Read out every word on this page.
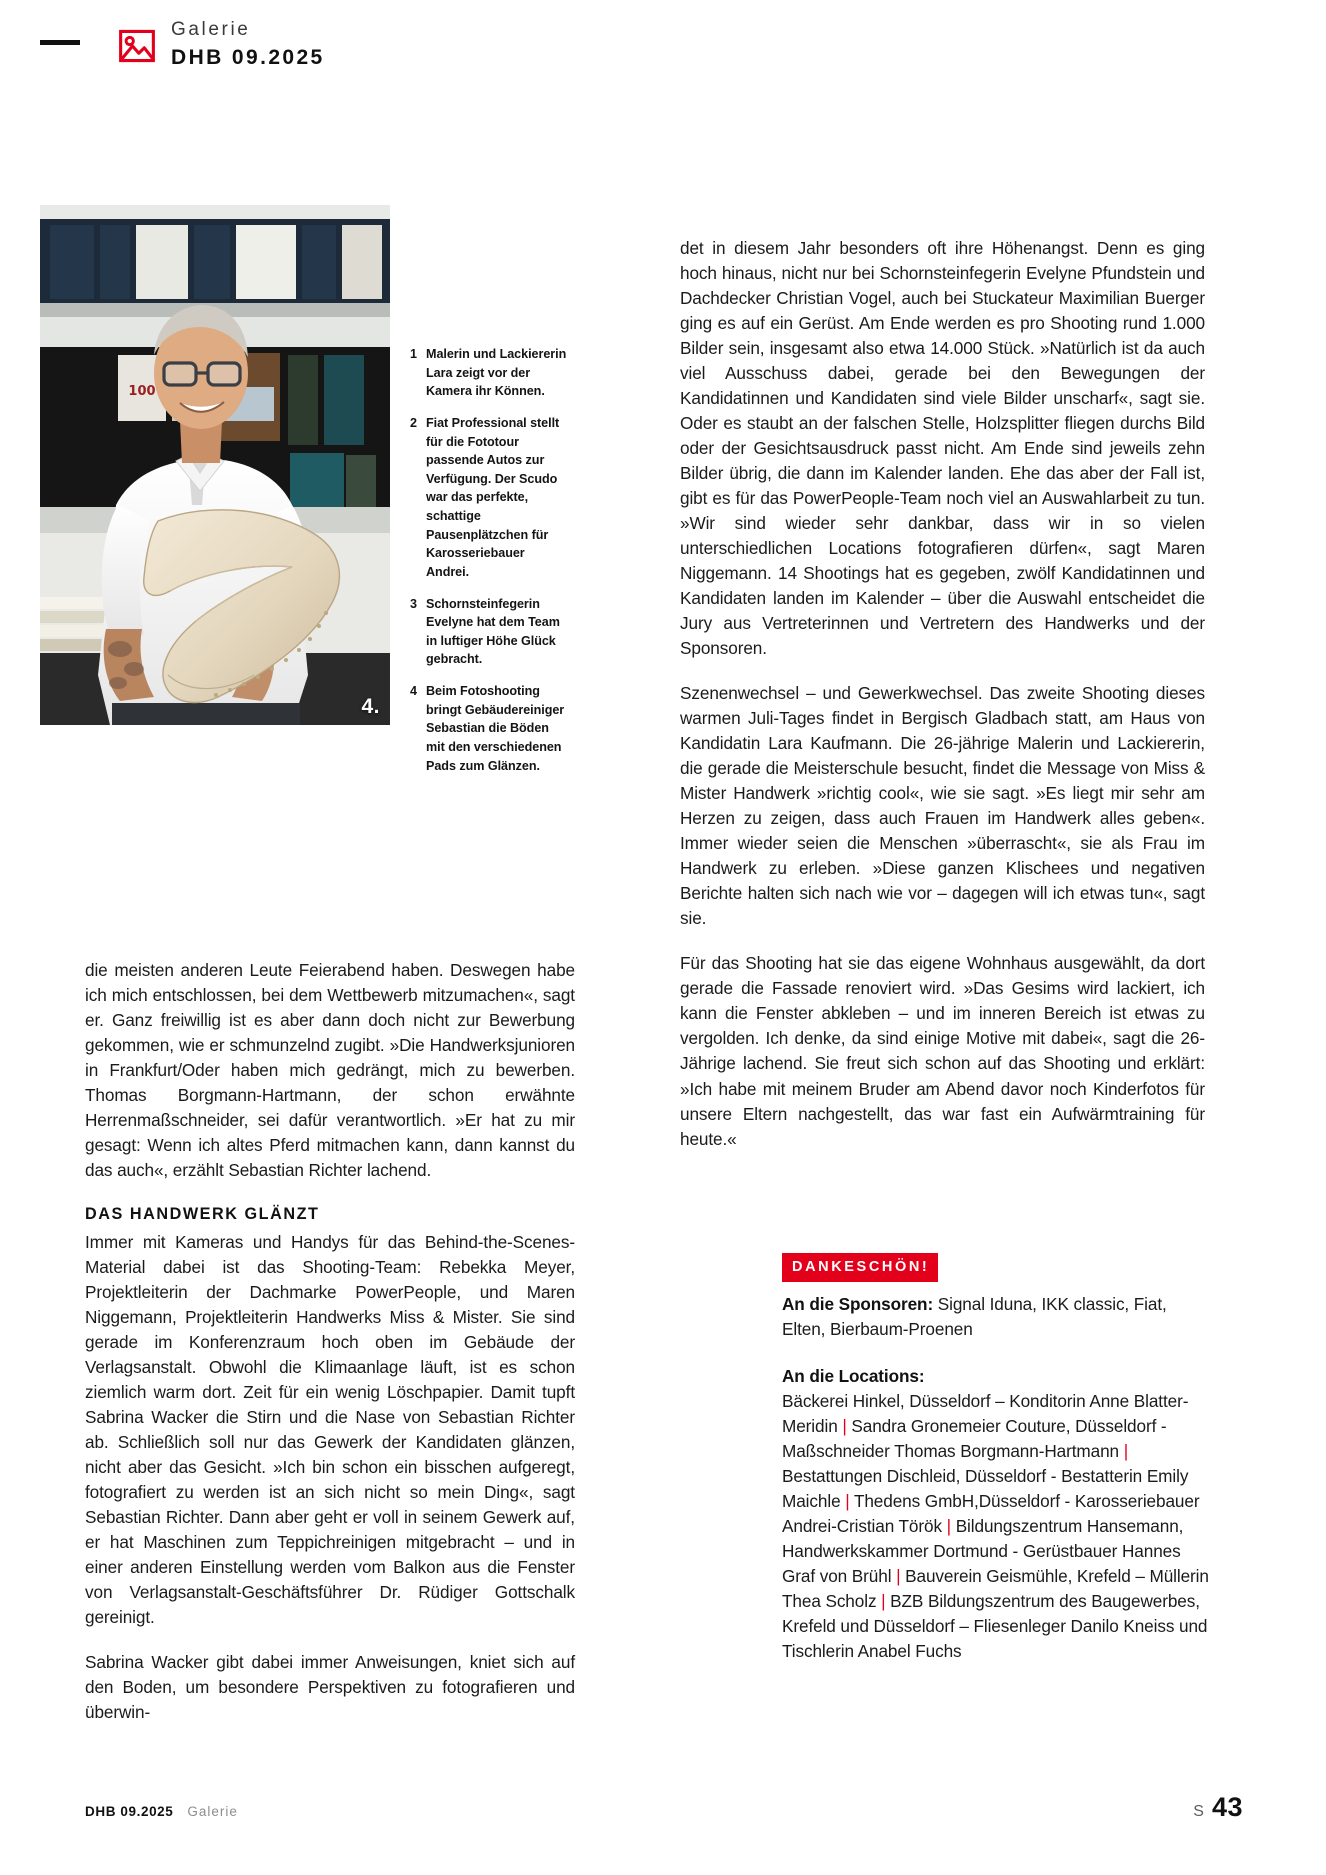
Galerie
DHB 09.2025
100
4.
1 Malerin und Lackiererin Lara zeigt vor der Kamera ihr Können.
2 Fiat Professional stellt für die Fototour passende Autos zur Verfügung. Der Scudo war das perfekte, schattige Pausenplätzchen für Karosseriebauer Andrei.
3 Schornsteinfegerin Evelyne hat dem Team in luftiger Höhe Glück gebracht.
4 Beim Fotoshooting bringt Gebäudereiniger Sebastian die Böden mit den verschiedenen Pads zum Glänzen.

det in diesem Jahr besonders oft ihre Höhenangst. Denn es ging hoch hinaus, nicht nur bei Schornsteinfegerin Evelyne Pfundstein und Dachdecker Christian Vogel, auch bei Stuckateur Maximilian Buerger ging es auf ein Gerüst. Am Ende werden es pro Shooting rund 1.000 Bilder sein, insgesamt also etwa 14.000 Stück. »Natürlich ist da auch viel Ausschuss dabei, gerade bei den Bewegungen der Kandidatinnen und Kandidaten sind viele Bilder unscharf«, sagt sie. Oder es staubt an der falschen Stelle, Holzsplitter fliegen durchs Bild oder der Gesichtsausdruck passt nicht. Am Ende sind jeweils zehn Bilder übrig, die dann im Kalender landen. Ehe das aber der Fall ist, gibt es für das PowerPeople-Team noch viel an Auswahlarbeit zu tun. »Wir sind wieder sehr dankbar, dass wir in so vielen unterschiedlichen Locations fotografieren dürfen«, sagt Maren Niggemann. 14 Shootings hat es gegeben, zwölf Kandidatinnen und Kandidaten landen im Kalender – über die Auswahl entscheidet die Jury aus Vertreterinnen und Vertretern des Handwerks und der Sponsoren.

Szenenwechsel – und Gewerkwechsel. Das zweite Shooting dieses warmen Juli-Tages findet in Bergisch Gladbach statt, am Haus von Kandidatin Lara Kaufmann. Die 26-jährige Malerin und Lackiererin, die gerade die Meisterschule besucht, findet die Message von Miss & Mister Handwerk »richtig cool«, wie sie sagt. »Es liegt mir sehr am Herzen zu zeigen, dass auch Frauen im Handwerk alles geben«. Immer wieder seien die Menschen »überrascht«, sie als Frau im Handwerk zu erleben. »Diese ganzen Klischees und negativen Berichte halten sich nach wie vor – dagegen will ich etwas tun«, sagt sie.

Für das Shooting hat sie das eigene Wohnhaus ausgewählt, da dort gerade die Fassade renoviert wird. »Das Gesims wird lackiert, ich kann die Fenster abkleben – und im inneren Bereich ist etwas zu vergolden. Ich denke, da sind einige Motive mit dabei«, sagt die 26-Jährige lachend. Sie freut sich schon auf das Shooting und erklärt: »Ich habe mit meinem Bruder am Abend davor noch Kinderfotos für unsere Eltern nachgestellt, das war fast ein Aufwärmtraining für heute.«

die meisten anderen Leute Feierabend haben. Deswegen habe ich mich entschlossen, bei dem Wettbewerb mitzumachen«, sagt er. Ganz freiwillig ist es aber dann doch nicht zur Bewerbung gekommen, wie er schmunzelnd zugibt. »Die Handwerksjunioren in Frankfurt/Oder haben mich gedrängt, mich zu bewerben. Thomas Borgmann-Hartmann, der schon erwähnte Herrenmaßschneider, sei dafür verantwortlich. »Er hat zu mir gesagt: Wenn ich altes Pferd mitmachen kann, dann kannst du das auch«, erzählt Sebastian Richter lachend.

DAS HANDWERK GLÄNZT

Immer mit Kameras und Handys für das Behind-the-Scenes-Material dabei ist das Shooting-Team: Rebekka Meyer, Projektleiterin der Dachmarke PowerPeople, und Maren Niggemann, Projektleiterin Handwerks Miss & Mister. Sie sind gerade im Konferenzraum hoch oben im Gebäude der Verlagsanstalt. Obwohl die Klimaanlage läuft, ist es schon ziemlich warm dort. Zeit für ein wenig Löschpapier. Damit tupft Sabrina Wacker die Stirn und die Nase von Sebastian Richter ab. Schließlich soll nur das Gewerk der Kandidaten glänzen, nicht aber das Gesicht. »Ich bin schon ein bisschen aufgeregt, fotografiert zu werden ist an sich nicht so mein Ding«, sagt Sebastian Richter. Dann aber geht er voll in seinem Gewerk auf, er hat Maschinen zum Teppichreinigen mitgebracht – und in einer anderen Einstellung werden vom Balkon aus die Fenster von Verlagsanstalt-Geschäftsführer Dr. Rüdiger Gottschalk gereinigt.

Sabrina Wacker gibt dabei immer Anweisungen, kniet sich auf den Boden, um besondere Perspektiven zu fotografieren und überwin-

DANKESCHÖN!
An die Sponsoren: Signal Iduna, IKK classic, Fiat, Elten, Bierbaum-Proenen
An die Locations:
Bäckerei Hinkel, Düsseldorf – Konditorin Anne Blatter-Meridin | Sandra Gronemeier Couture, Düsseldorf - Maßschneider Thomas Borgmann-Hartmann | Bestattungen Dischleid, Düsseldorf - Bestatterin Emily Maichle | Thedens GmbH,Düsseldorf - Karosseriebauer Andrei-Cristian Török | Bildungszentrum Hansemann, Handwerkskammer Dortmund - Gerüstbauer Hannes Graf von Brühl | Bauverein Geismühle, Krefeld – Müllerin Thea Scholz | BZB Bildungszentrum des Baugewerbes, Krefeld und Düsseldorf – Fliesenleger Danilo Kneiss und Tischlerin Anabel Fuchs
DHB 09.2025 Galerie	S 43
